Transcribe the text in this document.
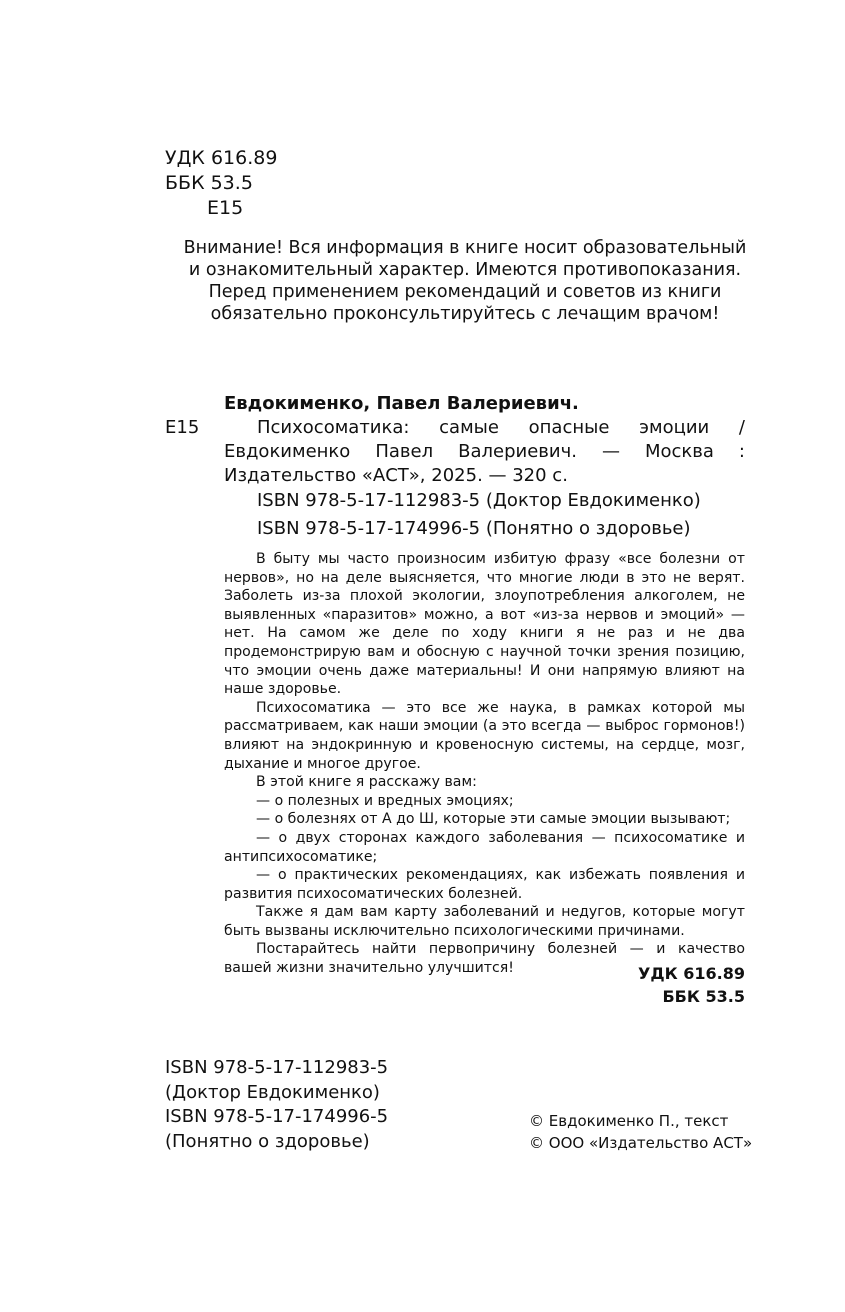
УДК 616.89
ББК 53.5
Е15
Внимание! Вся информация в книге носит образовательный
и ознакомительный характер. Имеются противопоказания.
Перед применением рекомендаций и советов из книги
обязательно проконсультируйтесь с лечащим врачом!
Евдокименко, Павел Валериевич.
Е15	Психосоматика: самые опасные эмоции / Евдокименко Павел Валериевич. — Москва : Издательство «АСТ», 2025. — 320 с.
ISBN 978-5-17-112983-5 (Доктор Евдокименко)
ISBN 978-5-17-174996-5 (Понятно о здоровье)

В быту мы часто произносим избитую фразу «все болезни от нервов», но на деле выясняется, что многие люди в это не верят. Заболеть из-за плохой экологии, злоупотребления алкоголем, не выявленных «паразитов» можно, а вот «из-за нервов и эмоций» — нет. На самом же деле по ходу книги я не раз и не два продемонстрирую вам и обосную с научной точки зрения позицию, что эмоции очень даже материальны! И они напрямую влияют на наше здоровье.

Психосоматика — это все же наука, в рамках которой мы рассматриваем, как наши эмоции (а это всегда — выброс гормонов!) влияют на эндокринную и кровеносную системы, на сердце, мозг, дыхание и многое другое.

В этой книге я расскажу вам:

— о полезных и вредных эмоциях;

— о болезнях от А до Ш, которые эти самые эмоции вызывают;

— о двух сторонах каждого заболевания — психосоматике и антипсихосоматике;

— о практических рекомендациях, как избежать появления и развития психосоматических болезней.

Также я дам вам карту заболеваний и недугов, которые могут быть вызваны исключительно психологическими причинами.

Постарайтесь найти первопричину болезней — и качество вашей жизни значительно улучшится!	УДК 616.89
ББК 53.5
ISBN 978-5-17-112983-5
(Доктор Евдокименко)
ISBN 978-5-17-174996-5
(Понятно о здоровье)
© Евдокименко П., текст
© ООО «Издательство АСТ»
